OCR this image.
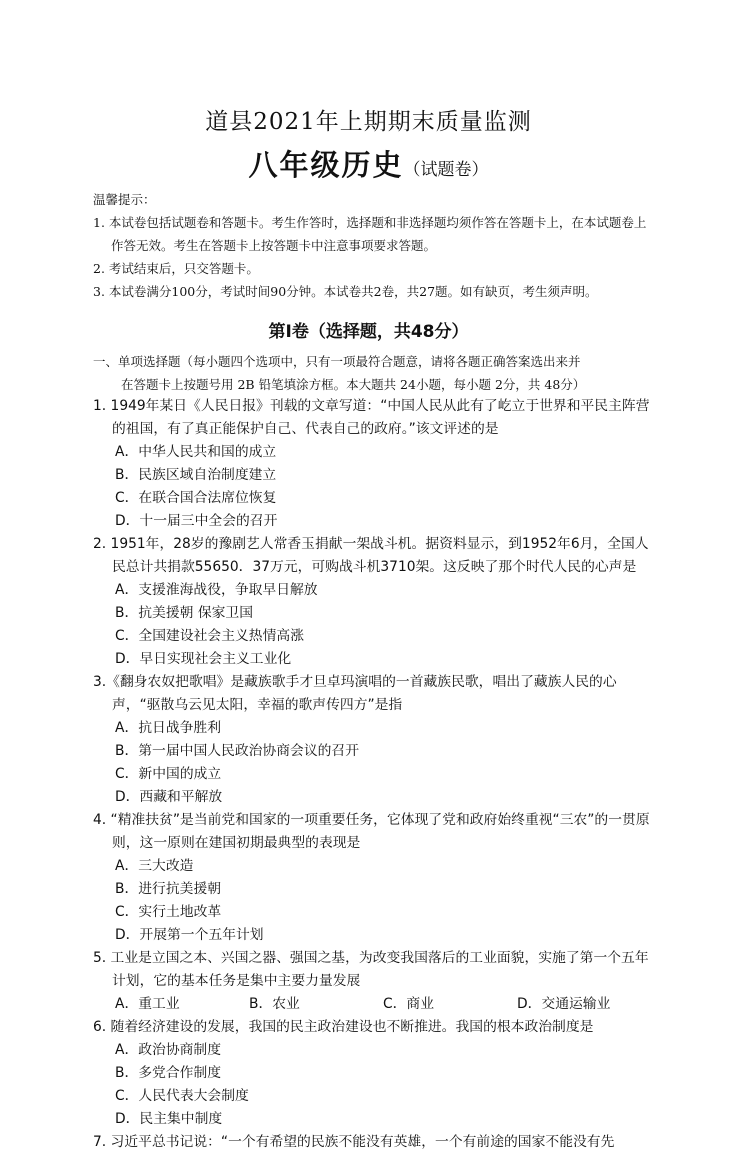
道县2021年上期期末质量监测
八年级历史（试题卷）
温馨提示：
1. 本试卷包括试题卷和答题卡。考生作答时，选择题和非选择题均须作答在答题卡上，在本试题卷上作答无效。考生在答题卡上按答题卡中注意事项要求答题。
2. 考试结束后，只交答题卡。
3. 本试卷满分100分，考试时间90分钟。本试卷共2卷，共27题。如有缺页，考生须声明。
第Ⅰ卷（选择题，共48分）
一、单项选择题（每小题四个选项中，只有一项最符合题意，请将各题正确答案选出来并
在答题卡上按题号用 2B 铅笔填涂方框。本大题共 24小题，每小题 2分，共 48分）
1. 1949年某日《人民日报》刊载的文章写道：“中国人民从此有了屹立于世界和平民主阵营的祖国，有了真正能保护自己、代表自己的政府。”该文评述的是
A．中华人民共和国的成立
B．民族区域自治制度建立
C．在联合国合法席位恢复
D．十一届三中全会的召开
2. 1951年，28岁的豫剧艺人常香玉捐献一架战斗机。据资料显示，到1952年6月，全国人民总计共捐款55650．37万元，可购战斗机3710架。这反映了那个时代人民的心声是
A．支援淮海战役，争取早日解放
B．抗美援朝 保家卫国
C．全国建设社会主义热情高涨
D．早日实现社会主义工业化
3.《翻身农奴把歌唱》是藏族歌手才旦卓玛演唱的一首藏族民歌，唱出了藏族人民的心声，“驱散乌云见太阳，幸福的歌声传四方”是指
A．抗日战争胜利
B．第一届中国人民政治协商会议的召开
C．新中国的成立
D．西藏和平解放
4. “精准扶贫”是当前党和国家的一项重要任务，它体现了党和政府始终重视“三农”的一贯原则，这一原则在建国初期最典型的表现是
A．三大改造
B．进行抗美援朝
C．实行土地改革
D．开展第一个五年计划
5. 工业是立国之本、兴国之器、强国之基，为改变我国落后的工业面貌，实施了第一个五年计划，它的基本任务是集中主要力量发展
A．重工业	B．农业	C．商业	D．交通运输业
6. 随着经济建设的发展，我国的民主政治建设也不断推进。我国的根本政治制度是
A．政治协商制度
B．多党合作制度
C．人民代表大会制度
D．民主集中制度
7. 习近平总书记说：“一个有希望的民族不能没有英雄，一个有前途的国家不能没有先
